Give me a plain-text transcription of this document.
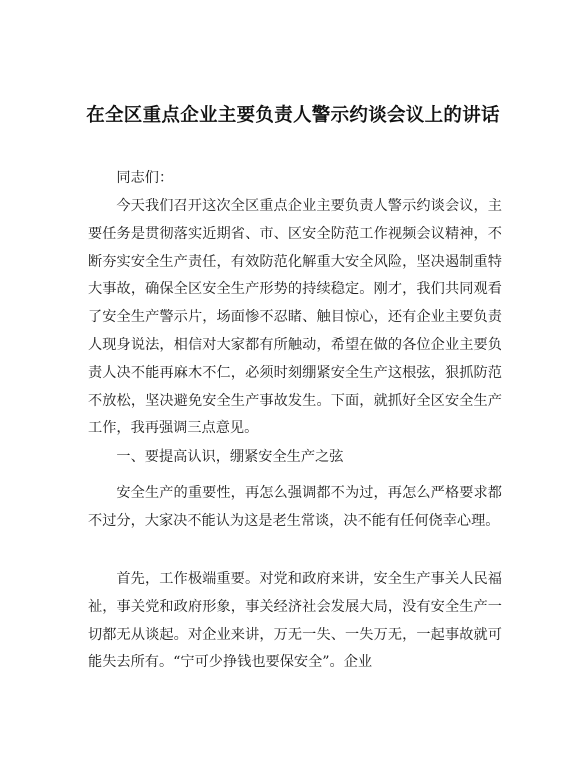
在全区重点企业主要负责人警示约谈会议上的讲话
同志们：

今天我们召开这次全区重点企业主要负责人警示约谈会议，主要任务是贯彻落实近期省、市、区安全防范工作视频会议精神，不断夯实安全生产责任，有效防范化解重大安全风险，坚决遏制重特大事故，确保全区安全生产形势的持续稳定。刚才，我们共同观看了安全生产警示片，场面惨不忍睹、触目惊心，还有企业主要负责人现身说法，相信对大家都有所触动，希望在做的各位企业主要负责人决不能再麻木不仁，必须时刻绷紧安全生产这根弦，狠抓防范不放松，坚决避免安全生产事故发生。下面，就抓好全区安全生产工作，我再强调三点意见。

一、要提高认识，绷紧安全生产之弦

安全生产的重要性，再怎么强调都不为过，再怎么严格要求都不过分，大家决不能认为这是老生常谈，决不能有任何侥幸心理。

首先，工作极端重要。对党和政府来讲，安全生产事关人民福祉，事关党和政府形象，事关经济社会发展大局，没有安全生产一切都无从谈起。对企业来讲，万无一失、一失万无，一起事故就可能失去所有。“宁可少挣钱也要保安全”。企业
